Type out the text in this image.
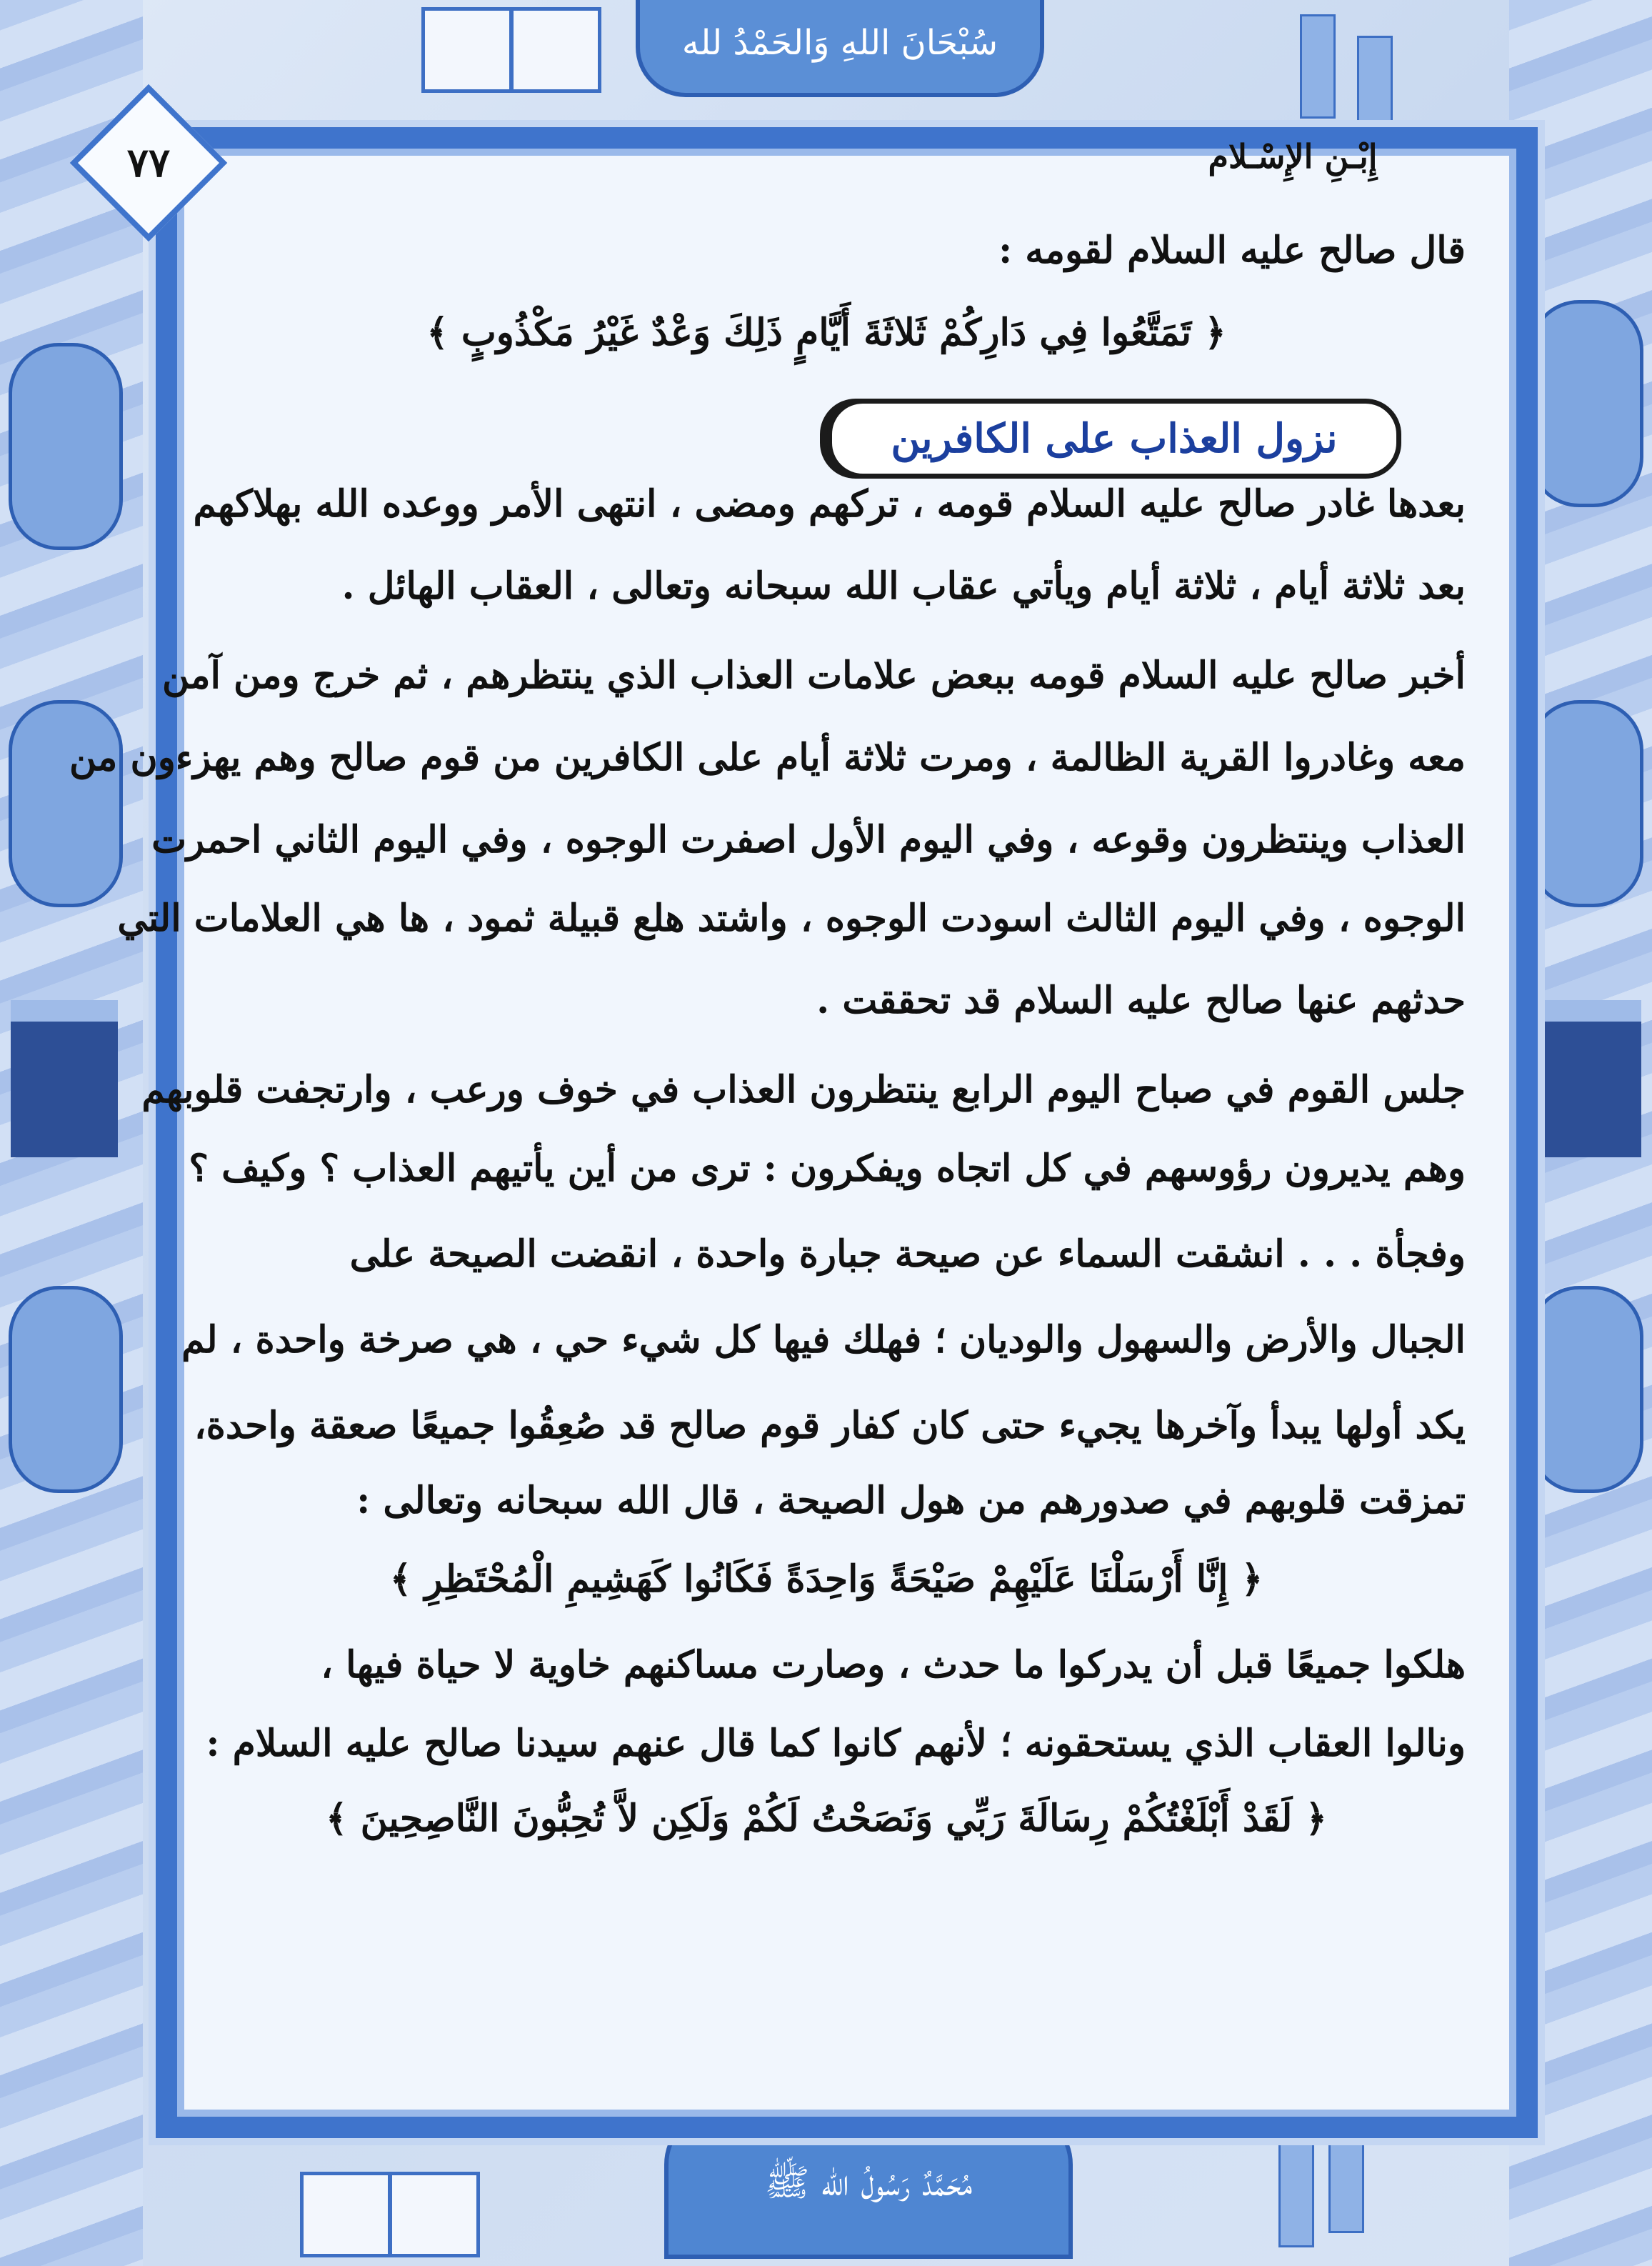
سُبْحَانَ اللهِ وَالحَمْدُ لله
مُحَمَّدٌ رَسُولُ الله ﷺ
٧٧	إِبْـنِ الإِسْـلام
قال صالح عليه السلام لقومه :
﴿ تَمَتَّعُوا فِي دَارِكُمْ ثَلاثَةَ أَيَّامٍ ذَلِكَ وَعْدٌ غَيْرُ مَكْذُوبٍ ﴾
نزول العذاب على الكافرين
بعدها غادر صالح عليه السلام قومه ، تركهم ومضى ، انتهى الأمر ووعده الله بهلاكهم
بعد ثلاثة أيام ، ثلاثة أيام ويأتي عقاب الله سبحانه وتعالى ، العقاب الهائل .
أخبر صالح عليه السلام قومه ببعض علامات العذاب الذي ينتظرهم ، ثم خرج ومن آمن
معه وغادروا القرية الظالمة ، ومرت ثلاثة أيام على الكافرين من قوم صالح وهم يهزءون من
العذاب وينتظرون وقوعه ، وفي اليوم الأول اصفرت الوجوه ، وفي اليوم الثاني احمرت
الوجوه ، وفي اليوم الثالث اسودت الوجوه ، واشتد هلع قبيلة ثمود ، ها هي العلامات التي
حدثهم عنها صالح عليه السلام قد تحققت .
جلس القوم في صباح اليوم الرابع ينتظرون العذاب في خوف ورعب ، وارتجفت قلوبهم
وهم يديرون رؤوسهم في كل اتجاه ويفكرون : ترى من أين يأتيهم العذاب ؟ وكيف ؟
وفجأة . . . انشقت السماء عن صيحة جبارة واحدة ، انقضت الصيحة على
الجبال والأرض والسهول والوديان ؛ فهلك فيها كل شيء حي ، هي صرخة واحدة ، لم
يكد أولها يبدأ وآخرها يجيء حتى كان كفار قوم صالح قد صُعِقُوا جميعًا صعقة واحدة،
تمزقت قلوبهم في صدورهم من هول الصيحة ، قال الله سبحانه وتعالى :
﴿ إِنَّا أَرْسَلْنَا عَلَيْهِمْ صَيْحَةً وَاحِدَةً فَكَانُوا كَهَشِيمِ الْمُحْتَظِرِ ﴾
هلكوا جميعًا قبل أن يدركوا ما حدث ، وصارت مساكنهم خاوية لا حياة فيها ،
ونالوا العقاب الذي يستحقونه ؛ لأنهم كانوا كما قال عنهم سيدنا صالح عليه السلام :
﴿ لَقَدْ أَبْلَغْتُكُمْ رِسَالَةَ رَبِّي وَنَصَحْتُ لَكُمْ وَلَكِن لاَّ تُحِبُّونَ النَّاصِحِينَ ﴾
